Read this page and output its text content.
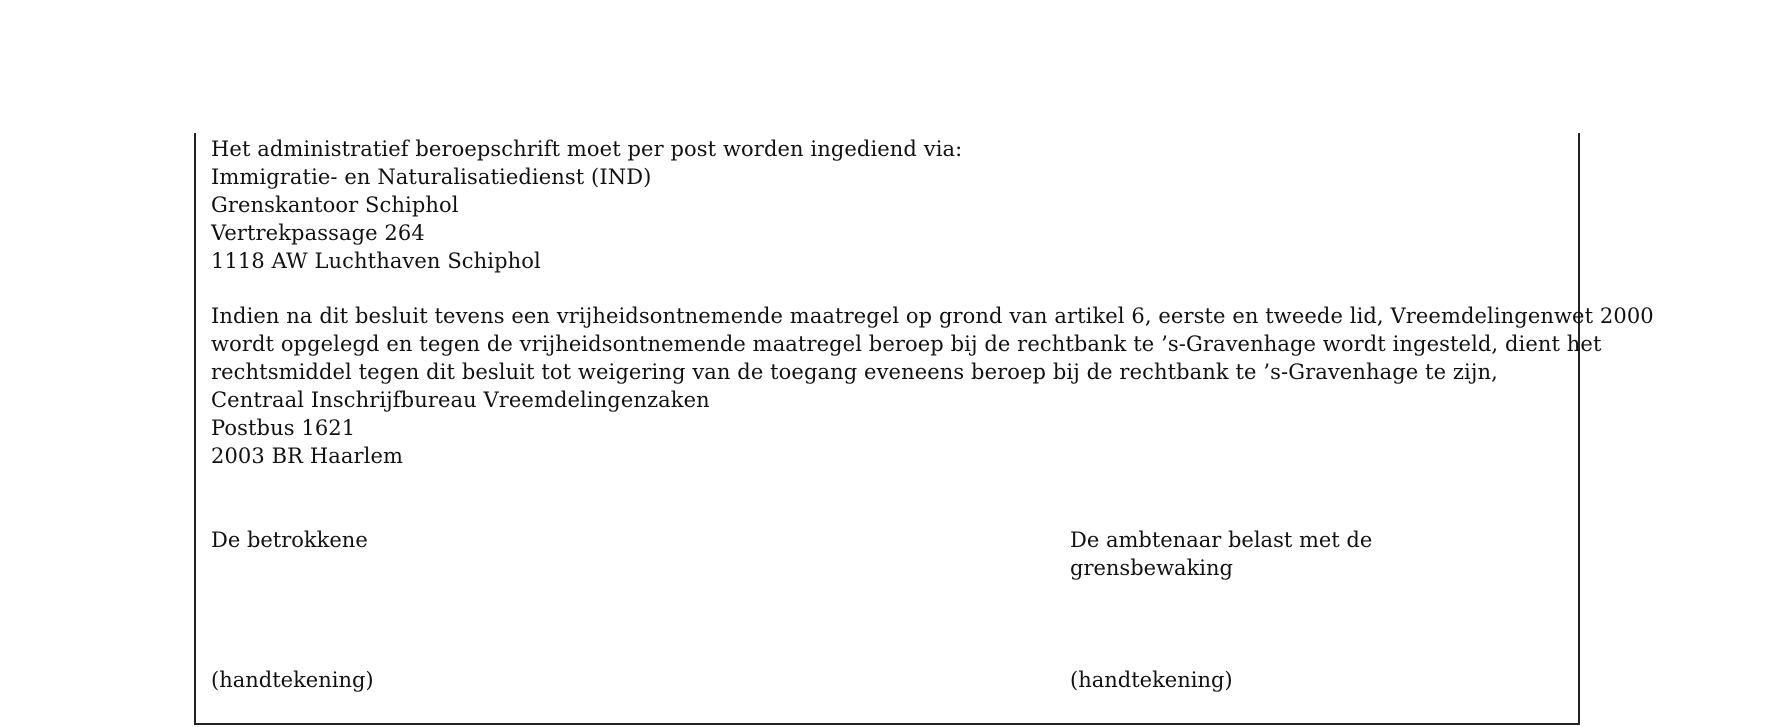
Het administratief beroepschrift moet per post worden ingediend via:
Immigratie- en Naturalisatiedienst (IND)
Grenskantoor Schiphol
Vertrekpassage 264
1118 AW Luchthaven Schiphol
Indien na dit besluit tevens een vrijheidsontnemende maatregel op grond van artikel 6, eerste en tweede lid, Vreemdelingenwet 2000
wordt opgelegd en tegen de vrijheidsontnemende maatregel beroep bij de rechtbank te ’s-Gravenhage wordt ingesteld, dient het
rechtsmiddel tegen dit besluit tot weigering van de toegang eveneens beroep bij de rechtbank te ’s-Gravenhage te zijn,
Centraal Inschrijfbureau Vreemdelingenzaken
Postbus 1621
2003 BR Haarlem
De betrokkene	De ambtenaar belast met de grensbewaking
(handtekening)	(handtekening)
